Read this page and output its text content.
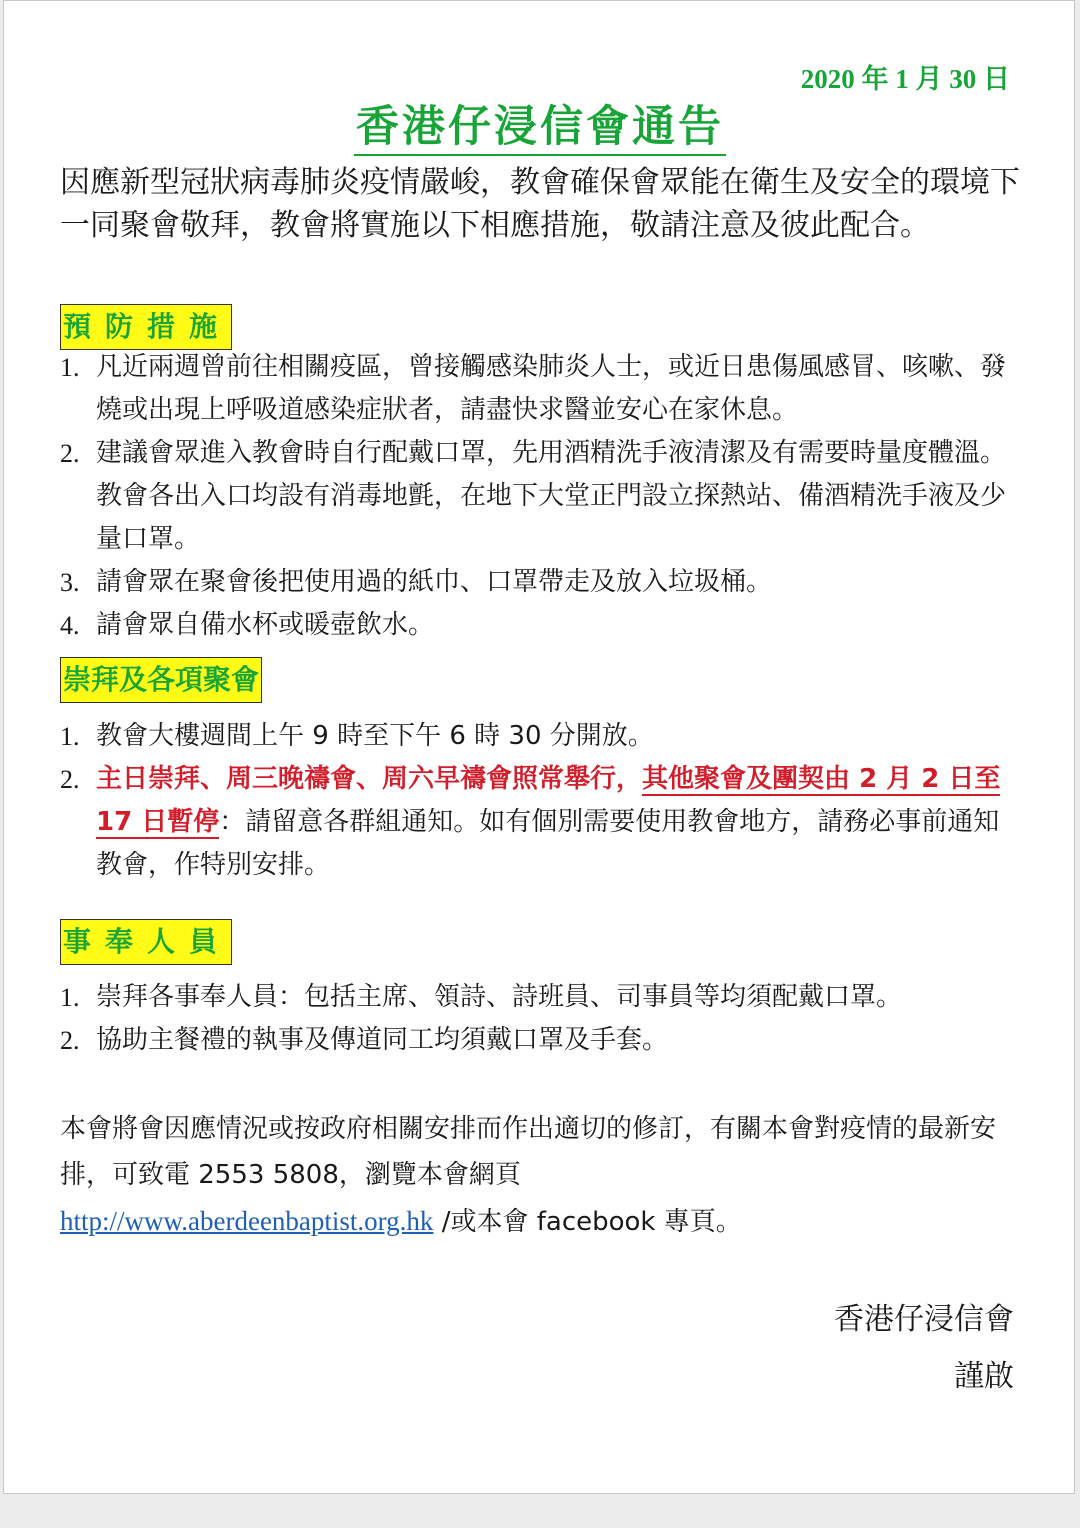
2020 年 1 月 30 日
香港仔浸信會通告
因應新型冠狀病毒肺炎疫情嚴峻，教會確保會眾能在衛生及安全的環境下一同聚會敬拜，教會將實施以下相應措施，敬請注意及彼此配合。
預防措施
1. 凡近兩週曾前往相關疫區，曾接觸感染肺炎人士，或近日患傷風感冒、咳嗽、發燒或出現上呼吸道感染症狀者，請盡快求醫並安心在家休息。
2. 建議會眾進入教會時自行配戴口罩，先用酒精洗手液清潔及有需要時量度體溫。教會各出入口均設有消毒地氈，在地下大堂正門設立探熱站、備酒精洗手液及少量口罩。
3. 請會眾在聚會後把使用過的紙巾、口罩帶走及放入垃圾桶。
4. 請會眾自備水杯或暖壺飲水。
崇拜及各項聚會
1. 教會大樓週間上午 9 時至下午 6 時 30 分開放。
2. 主日崇拜、周三晚禱會、周六早禱會照常舉行，其他聚會及團契由 2 月 2 日至 17 日暫停：請留意各群組通知。如有個別需要使用教會地方，請務必事前通知教會，作特別安排。
事奉人員
1. 崇拜各事奉人員：包括主席、領詩、詩班員、司事員等均須配戴口罩。
2. 協助主餐禮的執事及傳道同工均須戴口罩及手套。
本會將會因應情況或按政府相關安排而作出適切的修訂，有關本會對疫情的最新安排，可致電 2553 5808，瀏覽本會網頁
http://www.aberdeenbaptist.org.hk /或本會 facebook 專頁。
香港仔浸信會
謹啟
